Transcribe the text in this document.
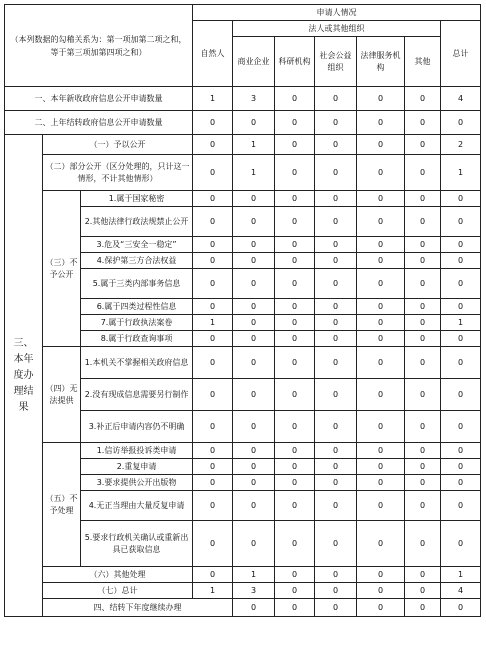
（本列数据的勾稽关系为：第一项加第二项之和，等于第三项加第四项之和）			申请人情况							
			自然人	法人或其他组织					总计	
				商业企业	科研机构	社会公益组织	法律服务机构	其他		
一、本年新收政府信息公开申请数量			1	3	0	0	0	0	4	
二、上年结转政府信息公开申请数量			0	0	0	0	0	0	0	
三、本年度办理结果	（一）予以公开		0	1	0	0	0	0	2	
	（二）部分公开（区分处理的，只计这一情形，不计其他情形）		0	1	0	0	0	0	1	
	（三）不予公开	1.属于国家秘密	0	0	0	0	0	0	0	
		2.其他法律行政法规禁止公开	0	0	0	0	0	0	0	
		3.危及“三安全一稳定”	0	0	0	0	0	0	0	
		4.保护第三方合法权益	0	0	0	0	0	0	0	
		5.属于三类内部事务信息	0	0	0	0	0	0	0	
		6.属于四类过程性信息	0	0	0	0	0	0	0	
		7.属于行政执法案卷	1	0	0	0	0	0	1	
		8.属于行政查询事项	0	0	0	0	0	0	0	
	（四）无法提供	1.本机关不掌握相关政府信息	0	0	0	0	0	0	0	
		2.没有现成信息需要另行制作	0	0	0	0	0	0	0	
		3.补正后申请内容仍不明确	0	0	0	0	0	0	0	
	（五）不予处理	1.信访举报投诉类申请	0	0	0	0	0	0	0	
		2.重复申请	0	0	0	0	0	0	0	
		3.要求提供公开出版物	0	0	0	0	0	0	0	
		4.无正当理由大量反复申请	0	0	0	0	0	0	0	
		5.要求行政机关确认或重新出具已获取信息	0	0	0	0	0	0	0	
	（六）其他处理		0	1	0	0	0	0	1	
	（七）总计		1	3	0	0	0	0	4	
	四、结转下年度继续办理			0	0	0	0	0	0	
